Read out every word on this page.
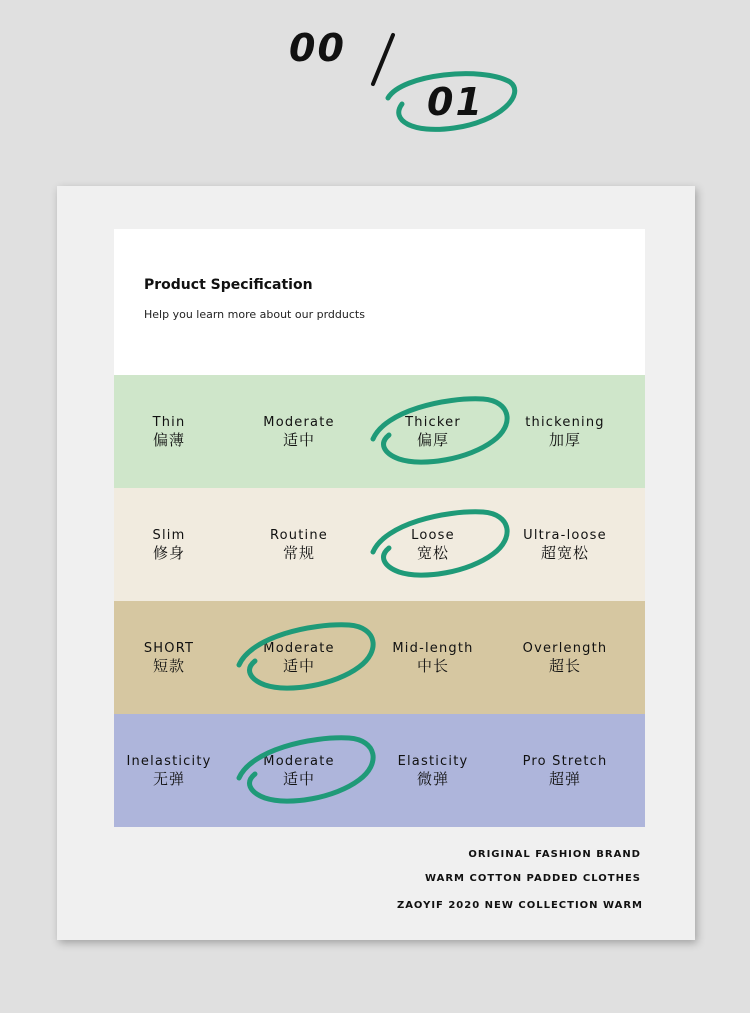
00
01
Product Specification
Help you learn more about our prdducts
Thin
偏薄
Moderate
适中
Thicker
偏厚
thickening
加厚
Slim
修身
Routine
常规
Loose
宽松
Ultra-loose
超宽松
SHORT
短款
Moderate
适中
Mid-length
中长
Overlength
超长
Inelasticity
无弹
Moderate
适中
Elasticity
微弹
Pro Stretch
超弹
ORIGINAL FASHION BRAND
WARM COTTON PADDED CLOTHES
ZAOYIF 2020 NEW COLLECTION WARM
